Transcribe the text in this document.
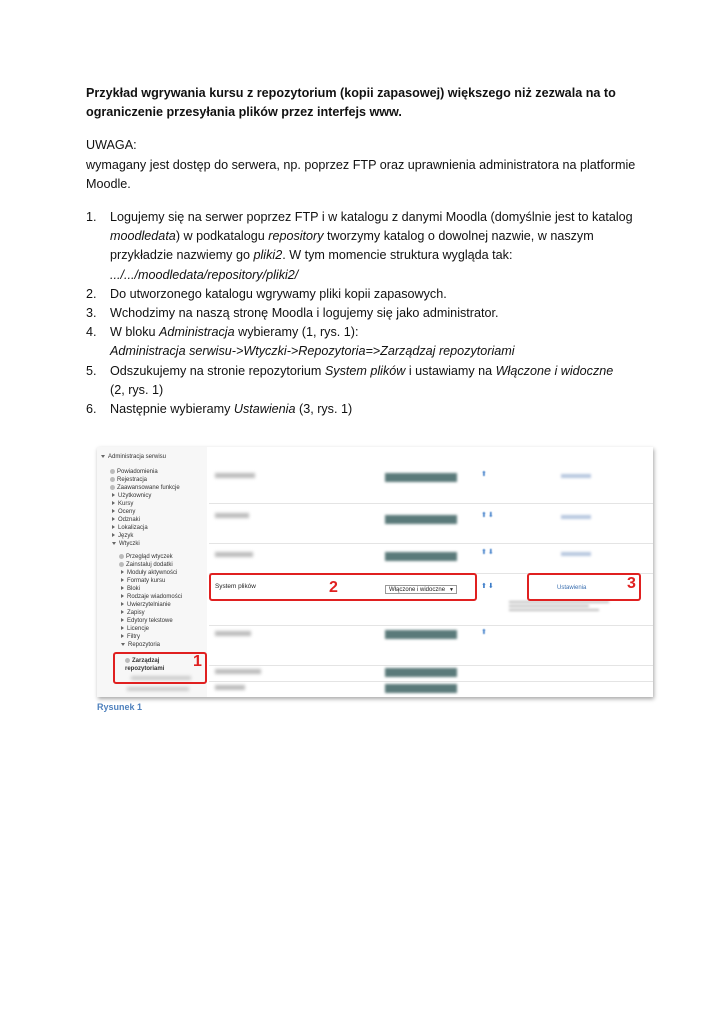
Przykład wgrywania kursu z repozytorium (kopii zapasowej) większego niż zezwala na to ograniczenie przesyłania plików przez interfejs www.

UWAGA:

wymagany jest dostęp do serwera, np. poprzez FTP oraz uprawnienia administratora na platformie Moodle.

1. Logujemy się na serwer poprzez FTP i w katalogu z danymi Moodla (domyślnie jest to katalog moodledata) w podkatalogu repository tworzymy katalog o dowolnej nazwie, w naszym przykładzie nazwiemy go pliki2. W tym momencie struktura wygląda tak:
.../.../moodledata/repository/pliki2/
2. Do utworzonego katalogu wgrywamy pliki kopii zapasowych.
3. Wchodzimy na naszą stronę Moodla i logujemy się jako administrator.
4. W bloku Administracja wybieramy (1, rys. 1):
Administracja serwisu->Wtyczki->Repozytoria=>Zarządzaj repozytoriami
5. Odszukujemy na stronie repozytorium System plików i ustawiamy na Włączone i widoczne
(2, rys. 1)
6. Następnie wybieramy Ustawienia (3, rys. 1)
Administracja serwisu
Powiadomienia
Rejestracja
Zaawansowane funkcje
Użytkownicy
Kursy
Oceny
Odznaki
Lokalizacja
Język
Wtyczki
Przegląd wtyczek
Zainstaluj dodatki
Moduły aktywności
Formaty kursu
Bloki
Rodzaje wiadomości
Uwierzytelnianie
Zapisy
Edytory tekstowe
Licencje
Filtry
Repozytoria
Zarządzaj repozytoriami
⬆
⬆⬇
⬆⬇
System plików	Włączone i widoczne ▼	⬆⬇	Ustawienia
⬆
1
2	3
Rysunek 1
